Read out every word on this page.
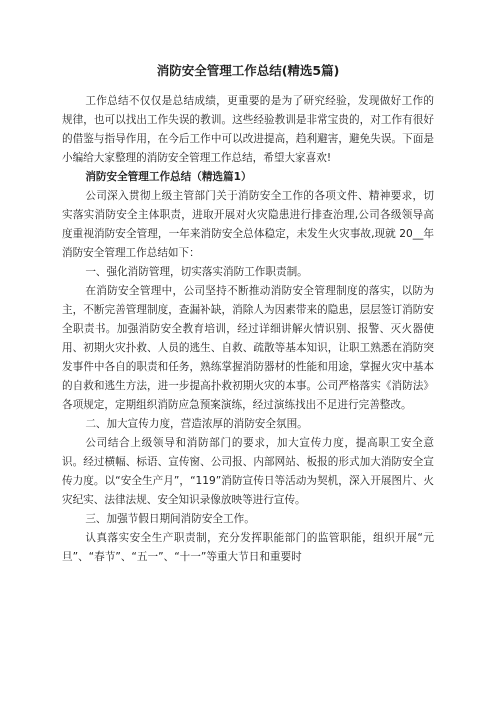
消防安全管理工作总结(精选5篇)

工作总结不仅仅是总结成绩，更重要的是为了研究经验，发现做好工作的规律，也可以找出工作失误的教训。这些经验教训是非常宝贵的，对工作有很好的借鉴与指导作用，在今后工作中可以改进提高，趋利避害，避免失误。下面是小编给大家整理的消防安全管理工作总结，希望大家喜欢!

消防安全管理工作总结（精选篇1）

公司深入贯彻上级主管部门关于消防安全工作的各项文件、精神要求，切实落实消防安全主体职责，进取开展对火灾隐患进行排查治理,公司各级领导高度重视消防安全管理，一年来消防安全总体稳定，未发生火灾事故,现就 20__年消防安全管理工作总结如下：

一、强化消防管理，切实落实消防工作职责制。

在消防安全管理中，公司坚持不断推动消防安全管理制度的落实，以防为主，不断完善管理制度，查漏补缺，消除人为因素带来的隐患，层层签订消防安全职责书。加强消防安全教育培训，经过详细讲解火情识别、报警、灭火器使用、初期火灾扑救、人员的逃生、自救、疏散等基本知识，让职工熟悉在消防突发事件中各自的职责和任务，熟练掌握消防器材的性能和用途，掌握火灾中基本的自救和逃生方法，进一步提高扑救初期火灾的本事。公司严格落实《消防法》各项规定，定期组织消防应急预案演练，经过演练找出不足进行完善整改。

二、加大宣传力度，营造浓厚的消防安全氛围。

公司结合上级领导和消防部门的要求，加大宣传力度，提高职工安全意识。经过横幅、标语、宣传窗、公司报、内部网站、板报的形式加大消防安全宣传力度。以“安全生产月”，“119”消防宣传日等活动为契机，深入开展图片、火灾纪实、法律法规、安全知识录像放映等进行宣传。

三、加强节假日期间消防安全工作。

认真落实安全生产职责制，充分发挥职能部门的监管职能，组织开展“元旦”、“春节”、“五一”、“十一”等重大节日和重要时
